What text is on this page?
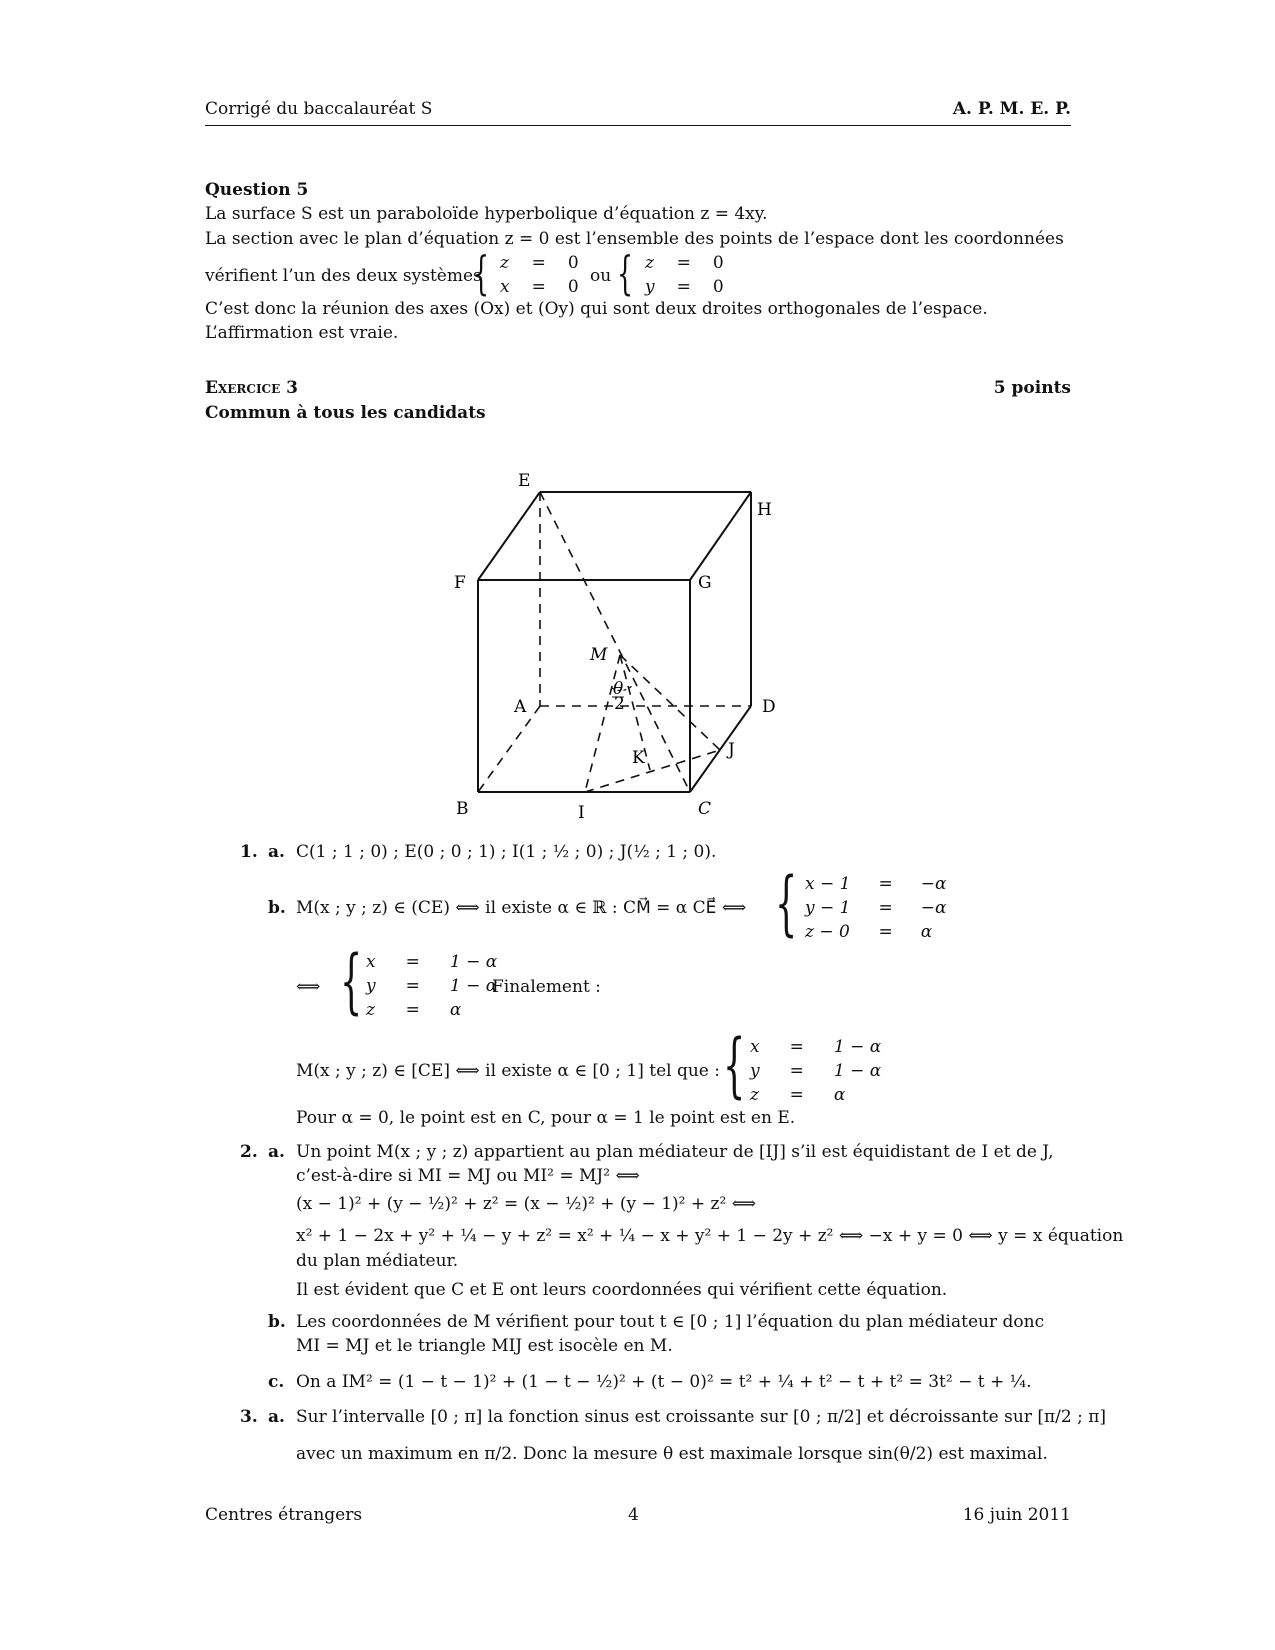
Corrigé du baccalauréat S	A. P. M. E. P.
Question 5
La surface S est un paraboloïde hyperbolique d’équation z = 4xy.
La section avec le plan d’équation z = 0 est l’ensemble des points de l’espace dont les coordonnées
vérifient l’un des deux systèmes
{ z = 0
x = 0
ou { z = 0
y = 0
C’est donc la réunion des axes (Ox) et (Oy) qui sont deux droites orthogonales de l’espace.
L’affirmation est vraie.
Exercice 3	5 points
Commun à tous les candidats
E
H
F	G
M
A	D
J
K
B	I	C
θ
2
1. a. C(1 ; 1 ; 0) ; E(0 ; 0 ; 1) ; I(1 ; ½ ; 0) ; J(½ ; 1 ; 0).
b. M(x ; y ; z) ∈ (CE) ⟺ il existe α ∈ ℝ : CM⃗ = α CE⃗ ⟺ { x − 1 = −α
y − 1 = −α
z − 0 = α
⟺ { x = 1 − α
y = 1 − α
z = α
Finalement :
M(x ; y ; z) ∈ [CE] ⟺ il existe α ∈ [0 ; 1] tel que : { x = 1 − α
y = 1 − α
z = α
Pour α = 0, le point est en C, pour α = 1 le point est en E.
2. a. Un point M(x ; y ; z) appartient au plan médiateur de [IJ] s’il est équidistant de I et de J,
c’est-à-dire si MI = MJ ou MI² = MJ² ⟺
(x − 1)² + (y − ½)² + z² = (x − ½)² + (y − 1)² + z² ⟺
x² + 1 − 2x + y² + ¼ − y + z² = x² + ¼ − x + y² + 1 − 2y + z² ⟺ −x + y = 0 ⟺ y = x équation
du plan médiateur.
Il est évident que C et E ont leurs coordonnées qui vérifient cette équation.
b. Les coordonnées de M vérifient pour tout t ∈ [0 ; 1] l’équation du plan médiateur donc
MI = MJ et le triangle MIJ est isocèle en M.
c. On a IM² = (1 − t − 1)² + (1 − t − ½)² + (t − 0)² = t² + ¼ + t² − t + t² = 3t² − t + ¼.
3. a. Sur l’intervalle [0 ; π] la fonction sinus est croissante sur [0 ; π/2] et décroissante sur [π/2 ; π]
avec un maximum en π/2. Donc la mesure θ est maximale lorsque sin(θ/2) est maximal.
Centres étrangers	4	16 juin 2011
